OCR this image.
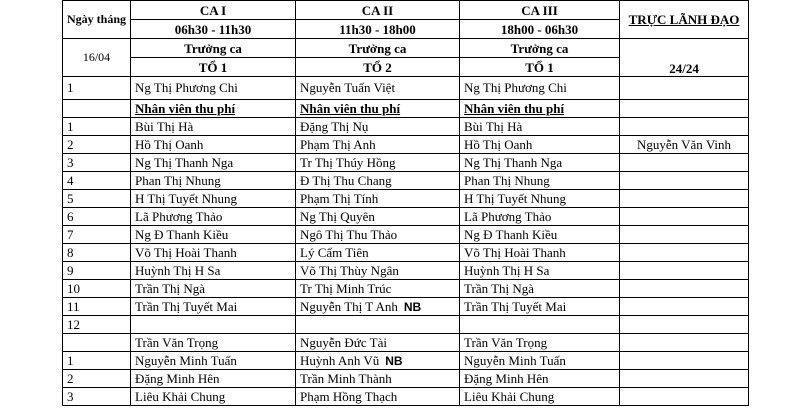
Ngày tháng	CA I	CA II	CA III	TRỰC LÃNH ĐẠO
	06h30 - 11h30	11h30 - 18h00	18h00 - 06h30	
16/04	Trưởng ca	Trưởng ca	Trưởng ca	24/24
	TỔ 1	TỔ 2	TỔ 1	
1	Ng Thị Phương Chi	Nguyễn Tuấn Việt	Ng Thị Phương Chi	
	Nhân viên thu phí	Nhân viên thu phí	Nhân viên thu phí	
1	Bùi Thị Hà	Đặng Thị Nụ	Bùi Thị Hà	
2	Hồ Thị Oanh	Phạm Thị Anh	Hồ Thị Oanh	Nguyễn Văn Vinh
3	Ng Thị Thanh Nga	Tr Thị Thúy Hồng	Ng Thị Thanh Nga	
4	Phan Thị Nhung	Đ Thị Thu Chang	Phan Thị Nhung	
5	H Thị Tuyết Nhung	Phạm Thị Tính	H Thị Tuyết Nhung	
6	Lã Phương Thảo	Ng Thị Quyên	Lã Phương Thảo	
7	Ng Đ Thanh Kiều	Ngô Thị Thu Thảo	Ng Đ Thanh Kiều	
8	Võ Thị Hoài Thanh	Lý Cẩm Tiên	Võ Thị Hoài Thanh	
9	Huỳnh Thị H Sa	Võ Thị Thùy Ngân	Huỳnh Thị H Sa	
10	Trần Thị Ngà	Tr Thị Minh Trúc	Trần Thị Ngà	
11	Trần Thị Tuyết Mai	Nguyễn Thị T Anh NB	Trần Thị Tuyết Mai	
12				
	Trần Văn Trọng	Nguyễn Đức Tài	Trần Văn Trọng	
1	Nguyễn Minh Tuấn	Huỳnh Anh Vũ NB	Nguyễn Minh Tuấn	
2	Đặng Minh Hên	Trần Minh Thành	Đặng Minh Hên	
3	Liêu Khải Chung	Phạm Hồng Thạch	Liêu Khải Chung	
